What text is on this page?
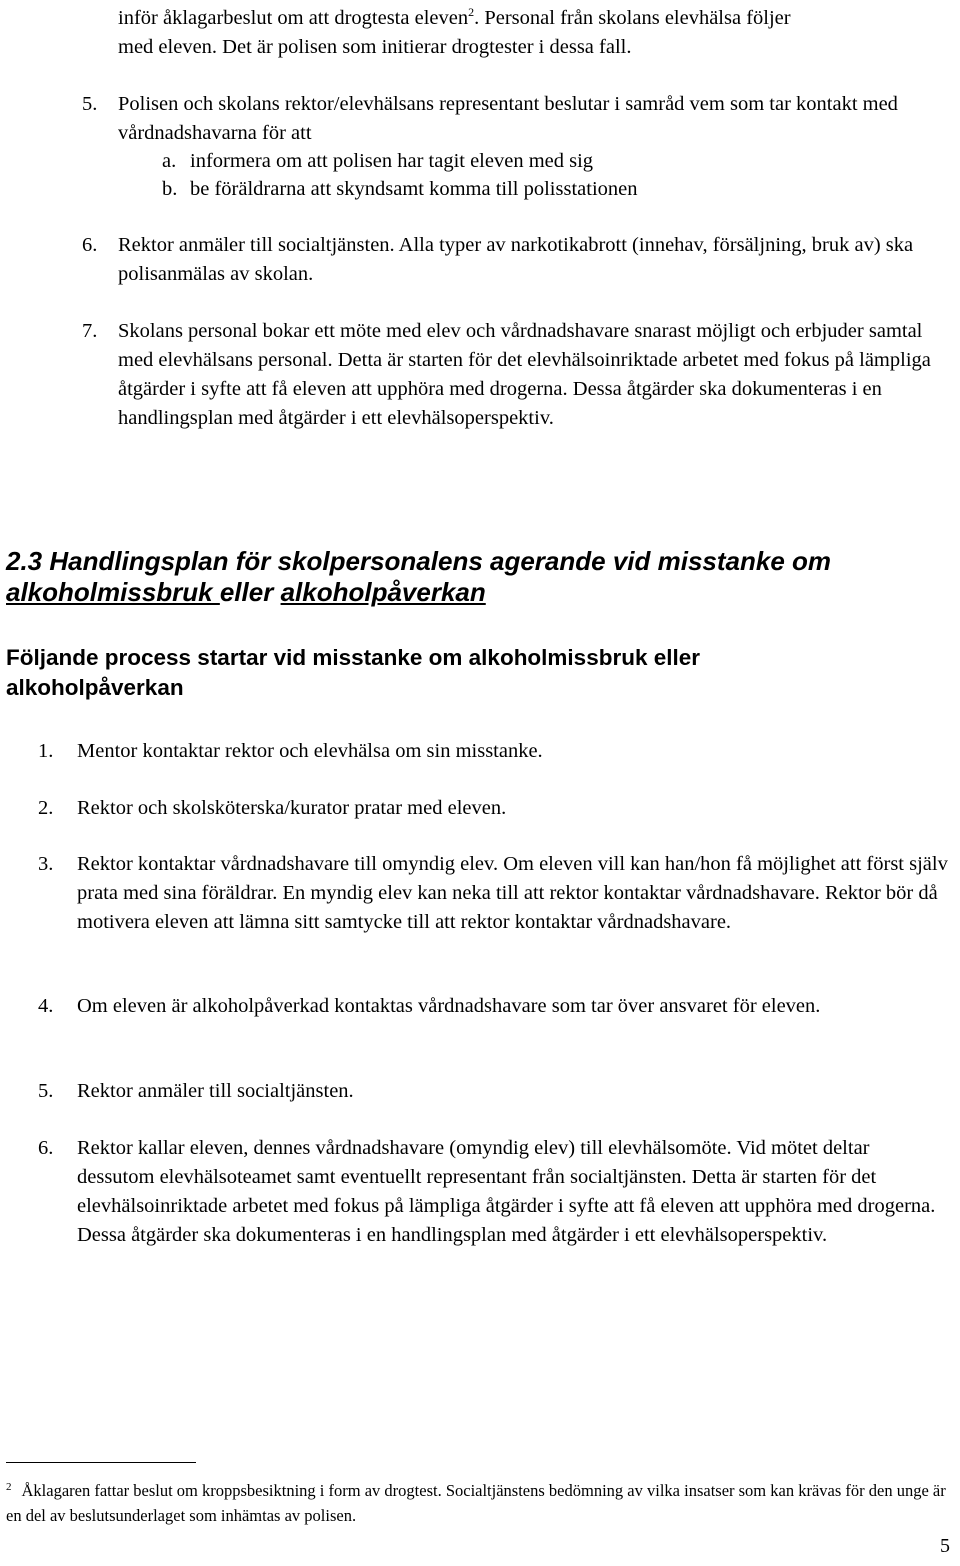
inför åklagarbeslut om att drogtesta eleven$^2$. Personal från skolans elevhälsa följer
med eleven. Det är polisen som initierar drogtester i dessa fall.
5. Polisen och skolans rektor/elevhälsans representant beslutar i samråd vem som tar kontakt med vårdnadshavarna för att
a. informera om att polisen har tagit eleven med sig
b. be föräldrarna att skyndsamt komma till polisstationen
6. Rektor anmäler till socialtjänsten. Alla typer av narkotikabrott (innehav, försäljning, bruk av) ska polisanmälas av skolan.
7. Skolans personal bokar ett möte med elev och vårdnadshavare snarast möjligt och erbjuder samtal med elevhälsans personal. Detta är starten för det elevhälsoinriktade arbetet med fokus på lämpliga åtgärder i syfte att få eleven att upphöra med drogerna. Dessa åtgärder ska dokumenteras i en handlingsplan med åtgärder i ett elevhälsoperspektiv.
2.3 Handlingsplan för skolpersonalens agerande vid misstanke om
alkoholmissbruk eller alkoholpåverkan
Följande process startar vid misstanke om alkoholmissbruk eller
alkoholpåverkan
1. Mentor kontaktar rektor och elevhälsa om sin misstanke.
2. Rektor och skolsköterska/kurator pratar med eleven.
3. Rektor kontaktar vårdnadshavare till omyndig elev. Om eleven vill kan han/hon få möjlighet att först själv prata med sina föräldrar. En myndig elev kan neka till att rektor kontaktar vårdnadshavare. Rektor bör då motivera eleven att lämna sitt samtycke till att rektor kontaktar vårdnadshavare.
4. Om eleven är alkoholpåverkad kontaktas vårdnadshavare som tar över ansvaret för eleven.
5. Rektor anmäler till socialtjänsten.
6. Rektor kallar eleven, dennes vårdnadshavare (omyndig elev) till elevhälsomöte. Vid mötet deltar dessutom elevhälsoteamet samt eventuellt representant från socialtjänsten. Detta är starten för det elevhälsoinriktade arbetet med fokus på lämpliga åtgärder i syfte att få eleven att upphöra med drogerna. Dessa åtgärder ska dokumenteras i en handlingsplan med åtgärder i ett elevhälsoperspektiv.
$^2$ Åklagaren fattar beslut om kroppsbesiktning i form av drogtest. Socialtjänstens bedömning av vilka insatser som kan krävas för den unge är en del av beslutsunderlaget som inhämtas av polisen.
5
